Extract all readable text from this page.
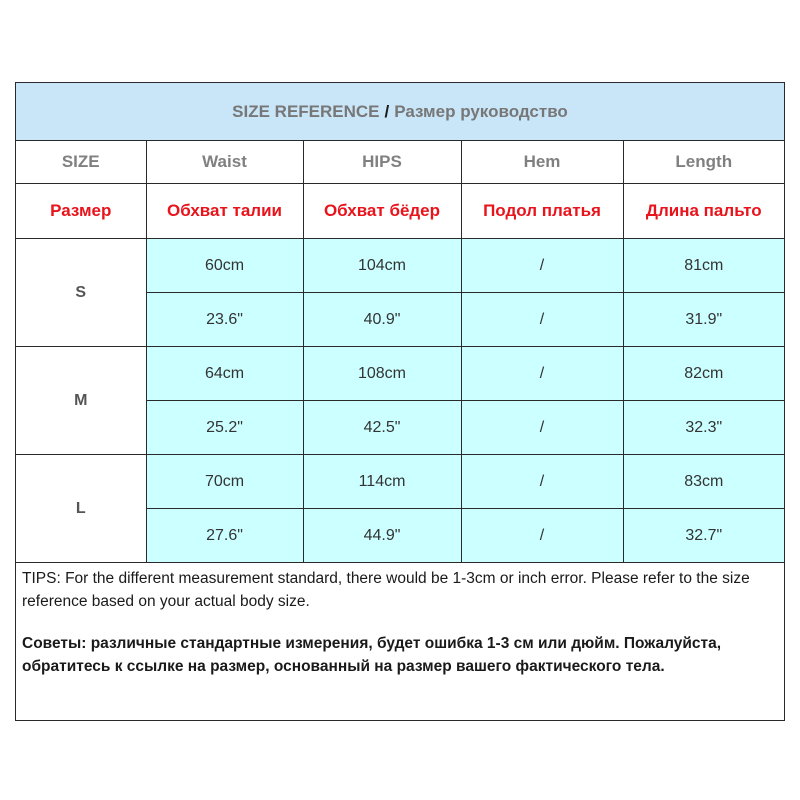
SIZE REFERENCE / Размер руководство
SIZE	Waist	HIPS	Hem	Length
Размер	Обхват талии	Обхват бёдер	Подол платья	Длина пальто
S	60cm	104cm	/	81cm
	23.6"	40.9"	/	31.9"
M	64cm	108cm	/	82cm
	25.2"	42.5"	/	32.3"
L	70cm	114cm	/	83cm
	27.6"	44.9"	/	32.7"

TIPS: For the different measurement standard, there would be 1-3cm or inch error. Please refer to the size reference based on your actual body size.

Советы: различные стандартные измерения, будет ошибка 1-3 см или дюйм. Пожалуйста, обратитесь к ссылке на размер, основанный на размер вашего фактического тела.
